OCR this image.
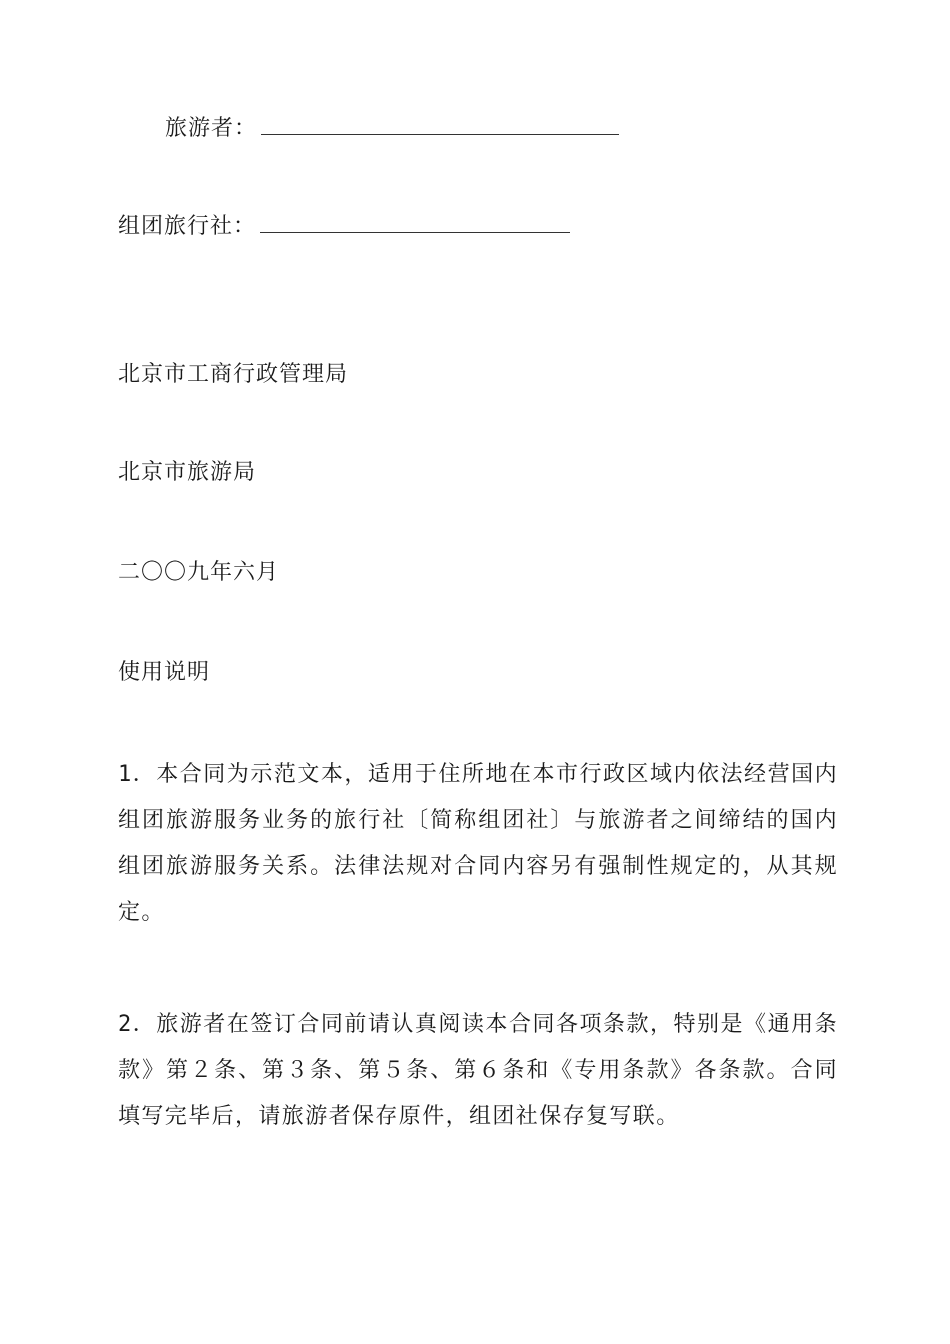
旅游者：
组团旅行社：
北京市工商行政管理局
北京市旅游局
二〇〇九年六月
使用说明
1．本合同为示范文本，适用于住所地在本市行政区域内依法经营国内组团旅游服务业务的旅行社〔简称组团社〕与旅游者之间缔结的国内组团旅游服务关系。法律法规对合同内容另有强制性规定的，从其规定。
2．旅游者在签订合同前请认真阅读本合同各项条款，特别是《通用条款》第２条、第３条、第５条、第６条和《专用条款》各条款。合同填写完毕后，请旅游者保存原件，组团社保存复写联。
